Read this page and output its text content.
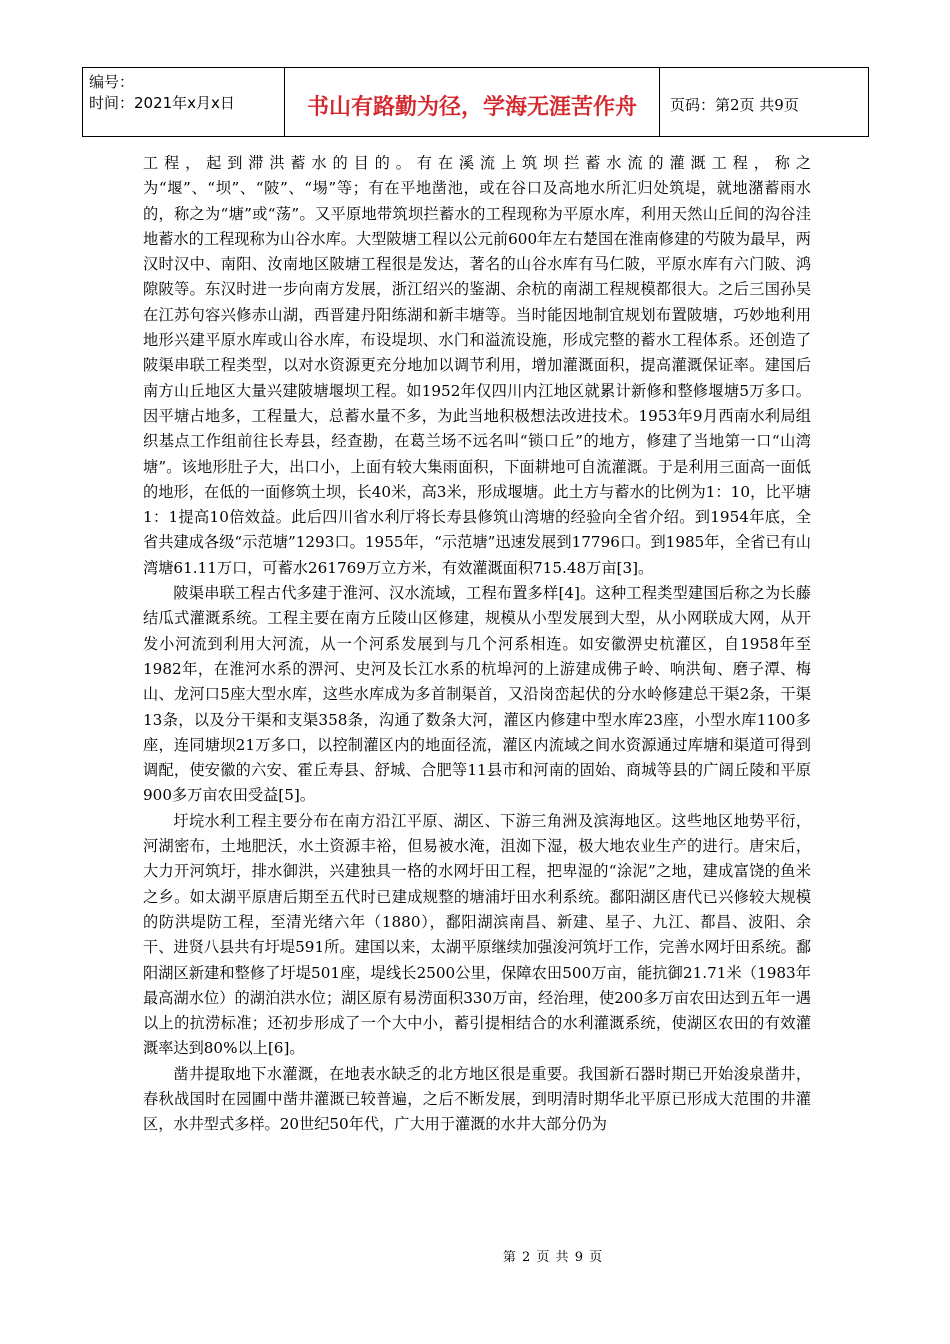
编号：
时间：2021年x月x日	书山有路勤为径，学海无涯苦作舟 页码：第2页 共9页

工程，起到滞洪蓄水的目的。有在溪流上筑坝拦蓄水流的灌溉工程，称之为“堰”、“坝”、“陂”、“埸”等；有在平地凿池，或在谷口及高地水所汇归处筑堤，就地潴蓄雨水的，称之为“塘”或“荡”。又平原地带筑坝拦蓄水的工程现称为平原水库，利用天然山丘间的沟谷洼地蓄水的工程现称为山谷水库。大型陂塘工程以公元前600年左右楚国在淮南修建的芍陂为最早，两汉时汉中、南阳、汝南地区陂塘工程很是发达，著名的山谷水库有马仁陂，平原水库有六门陂、鸿隙陂等。东汉时进一步向南方发展，浙江绍兴的鉴湖、余杭的南湖工程规模都很大。之后三国孙吴在江苏句容兴修赤山湖，西晋建丹阳练湖和新丰塘等。当时能因地制宜规划布置陂塘，巧妙地利用地形兴建平原水库或山谷水库，布设堤坝、水门和溢流设施，形成完整的蓄水工程体系。还创造了陂渠串联工程类型，以对水资源更充分地加以调节利用，增加灌溉面积，提高灌溉保证率。建国后南方山丘地区大量兴建陂塘堰坝工程。如1952年仅四川内江地区就累计新修和整修堰塘5万多口。因平塘占地多，工程量大，总蓄水量不多，为此当地积极想法改进技术。1953年9月西南水利局组织基点工作组前往长寿县，经查勘，在葛兰场不远名叫“锁口丘”的地方，修建了当地第一口“山湾塘”。该地形肚子大，出口小，上面有较大集雨面积，下面耕地可自流灌溉。于是利用三面高一面低的地形，在低的一面修筑土坝，长40米，高3米，形成堰塘。此土方与蓄水的比例为1：10，比平塘1：1提高10倍效益。此后四川省水利厅将长寿县修筑山湾塘的经验向全省介绍。到1954年底，全省共建成各级“示范塘”1293口。1955年，“示范塘”迅速发展到17796口。到1985年，全省已有山湾塘61.11万口，可蓄水261769万立方米，有效灌溉面积715.48万亩[3]。

陂渠串联工程古代多建于淮河、汉水流域，工程布置多样[4]。这种工程类型建国后称之为长藤结瓜式灌溉系统。工程主要在南方丘陵山区修建，规模从小型发展到大型，从小网联成大网，从开发小河流到利用大河流，从一个河系发展到与几个河系相连。如安徽淠史杭灌区，自1958年至1982年，在淮河水系的淠河、史河及长江水系的杭埠河的上游建成佛子岭、响洪甸、磨子潭、梅山、龙河口5座大型水库，这些水库成为多首制渠首，又沿岗峦起伏的分水岭修建总干渠2条，干渠13条，以及分干渠和支渠358条，沟通了数条大河，灌区内修建中型水库23座，小型水库1100多座，连同塘坝21万多口，以控制灌区内的地面径流，灌区内流域之间水资源通过库塘和渠道可得到调配，使安徽的六安、霍丘寿县、舒城、合肥等11县市和河南的固始、商城等县的广阔丘陵和平原900多万亩农田受益[5]。

圩垸水利工程主要分布在南方沿江平原、湖区、下游三角洲及滨海地区。这些地区地势平衍，河湖密布，土地肥沃，水土资源丰裕，但易被水淹，沮洳下湿，极大地农业生产的进行。唐宋后，大力开河筑圩，排水御洪，兴建独具一格的水网圩田工程，把卑湿的“涂泥”之地，建成富饶的鱼米之乡。如太湖平原唐后期至五代时已建成规整的塘浦圩田水利系统。鄱阳湖区唐代已兴修较大规模的防洪堤防工程，至清光绪六年（1880），鄱阳湖滨南昌、新建、星子、九江、都昌、波阳、余干、进贤八县共有圩堤591所。建国以来，太湖平原继续加强浚河筑圩工作，完善水网圩田系统。鄱阳湖区新建和整修了圩堤501座，堤线长2500公里，保障农田500万亩，能抗御21.71米（1983年最高湖水位）的湖泊洪水位；湖区原有易涝面积330万亩，经治理，使200多万亩农田达到五年一遇以上的抗涝标准；还初步形成了一个大中小，蓄引提相结合的水利灌溉系统，使湖区农田的有效灌溉率达到80%以上[6]。

凿井提取地下水灌溉，在地表水缺乏的北方地区很是重要。我国新石器时期已开始浚泉凿井，春秋战国时在园圃中凿井灌溉已较普遍，之后不断发展，到明清时期华北平原已形成大范围的井灌区，水井型式多样。20世纪50年代，广大用于灌溉的水井大部分仍为

第 2 页 共 9 页
